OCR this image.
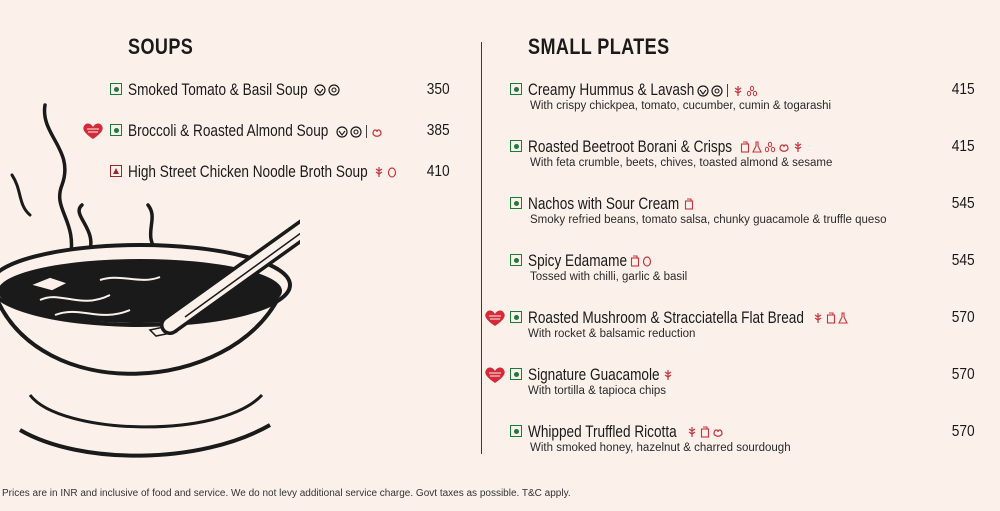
SOUPS	SMALL PLATES
Smoked Tomato & Basil Soup	350
Broccoli & Roasted Almond Soup	385
High Street Chicken Noodle Broth Soup	410
Creamy Hummus & Lavash	415
With crispy chickpea, tomato, cucumber, cumin & togarashi
Roasted Beetroot Borani & Crisps	415
With feta crumble, beets, chives, toasted almond & sesame
Nachos with Sour Cream	545
Smoky refried beans, tomato salsa, chunky guacamole & truffle queso
Spicy Edamame	545
Tossed with chilli, garlic & basil
Roasted Mushroom & Stracciatella Flat Bread	570
With rocket & balsamic reduction
Signature Guacamole	570
With tortilla & tapioca chips
Whipped Truffled Ricotta	570
With smoked honey, hazelnut & charred sourdough
Prices are in INR and inclusive of food and service. We do not levy additional service charge. Govt taxes as possible. T&C apply.
